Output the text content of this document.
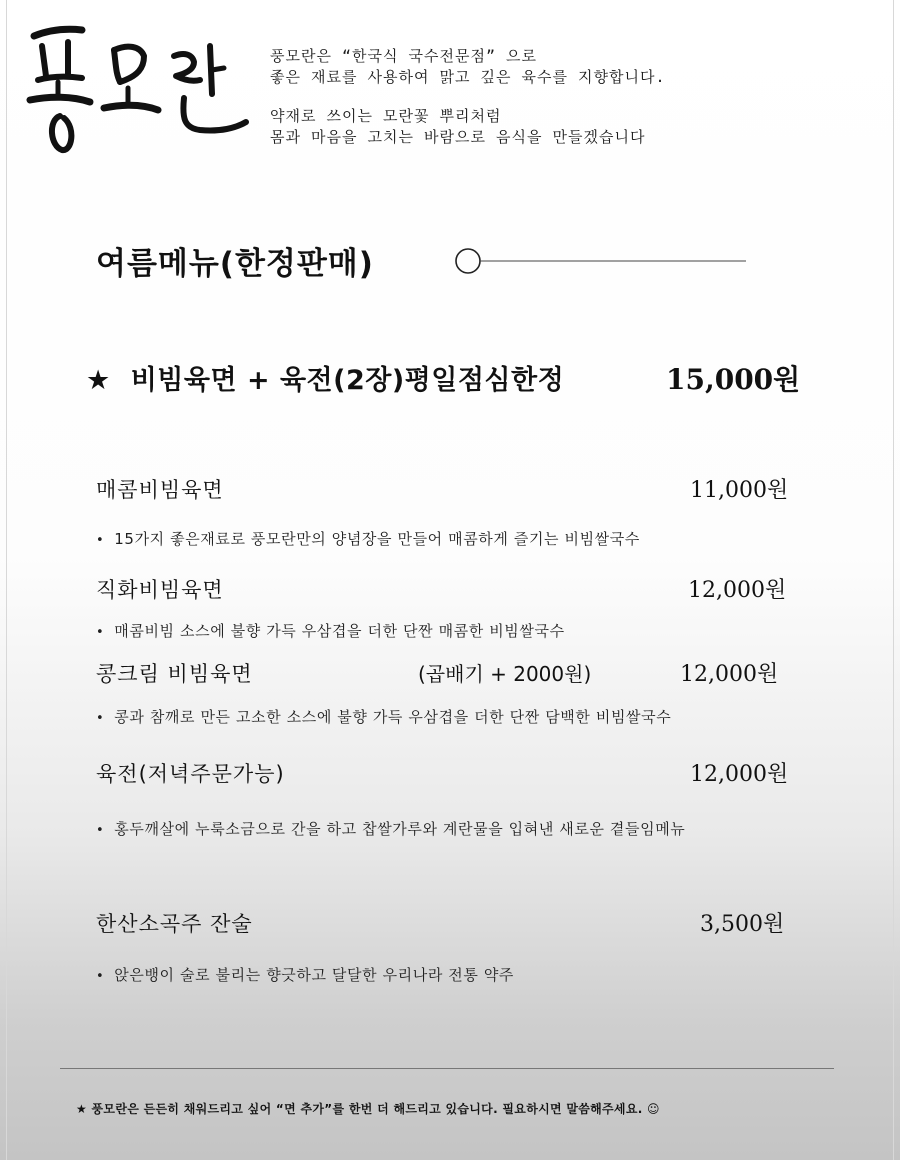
풍모란은 “한국식 국수전문점” 으로
좋은 재료를 사용하여 맑고 깊은 육수를 지향합니다.
약재로 쓰이는 모란꽃 뿌리처럼
몸과 마음을 고치는 바람으로 음식을 만들겠습니다
여름메뉴(한정판매)
★ 비빔육면 + 육전(2장)평일점심한정	15,000원
매콤비빔육면	11,000원
• 15가지 좋은재료로 풍모란만의 양념장을 만들어 매콤하게 즐기는 비빔쌀국수
직화비빔육면	12,000원
• 매콤비빔 소스에 불향 가득 우삼겹을 더한 단짠 매콤한 비빔쌀국수
콩크림 비빔육면	(곱배기 + 2000원)	12,000원
• 콩과 참깨로 만든 고소한 소스에 불향 가득 우삼겹을 더한 단짠 담백한 비빔쌀국수
육전(저녁주문가능)	12,000원
• 홍두깨살에 누룩소금으로 간을 하고 찹쌀가루와 계란물을 입혀낸 새로운 곁들임메뉴
한산소곡주 잔술	3,500원
• 앉은뱅이 술로 불리는 향긋하고 달달한 우리나라 전통 약주
★ 풍모란은 든든히 채워드리고 싶어 “면 추가”를 한번 더 해드리고 있습니다. 필요하시면 말씀해주세요. ☺
